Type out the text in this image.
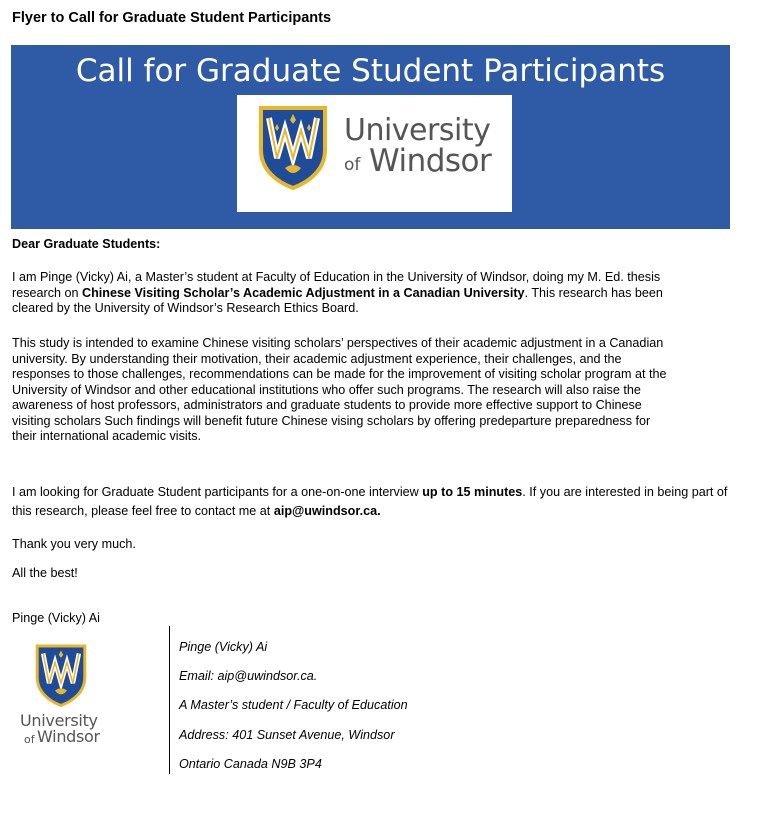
Flyer to Call for Graduate Student Participants
Call for Graduate Student Participants
University
of Windsor
Dear Graduate Students:
I am Pinge (Vicky) Ai, a Master’s student at Faculty of Education in the University of Windsor, doing my M. Ed. thesis research on Chinese Visiting Scholar’s Academic Adjustment in a Canadian University. This research has been cleared by the University of Windsor’s Research Ethics Board.
This study is intended to examine Chinese visiting scholars’ perspectives of their academic adjustment in a Canadian university. By understanding their motivation, their academic adjustment experience, their challenges, and the responses to those challenges, recommendations can be made for the improvement of visiting scholar program at the University of Windsor and other educational institutions who offer such programs. The research will also raise the awareness of host professors, administrators and graduate students to provide more effective support to Chinese visiting scholars Such findings will benefit future Chinese vising scholars by offering predeparture preparedness for their international academic visits.
I am looking for Graduate Student participants for a one-on-one interview up to 15 minutes. If you are interested in being part of this research, please feel free to contact me at aip@uwindsor.ca.
Thank you very much.
All the best!
Pinge (Vicky) Ai
University
of Windsor
Pinge (Vicky) Ai
Email: aip@uwindsor.ca.
A Master’s student / Faculty of Education
Address: 401 Sunset Avenue, Windsor
Ontario Canada N9B 3P4
